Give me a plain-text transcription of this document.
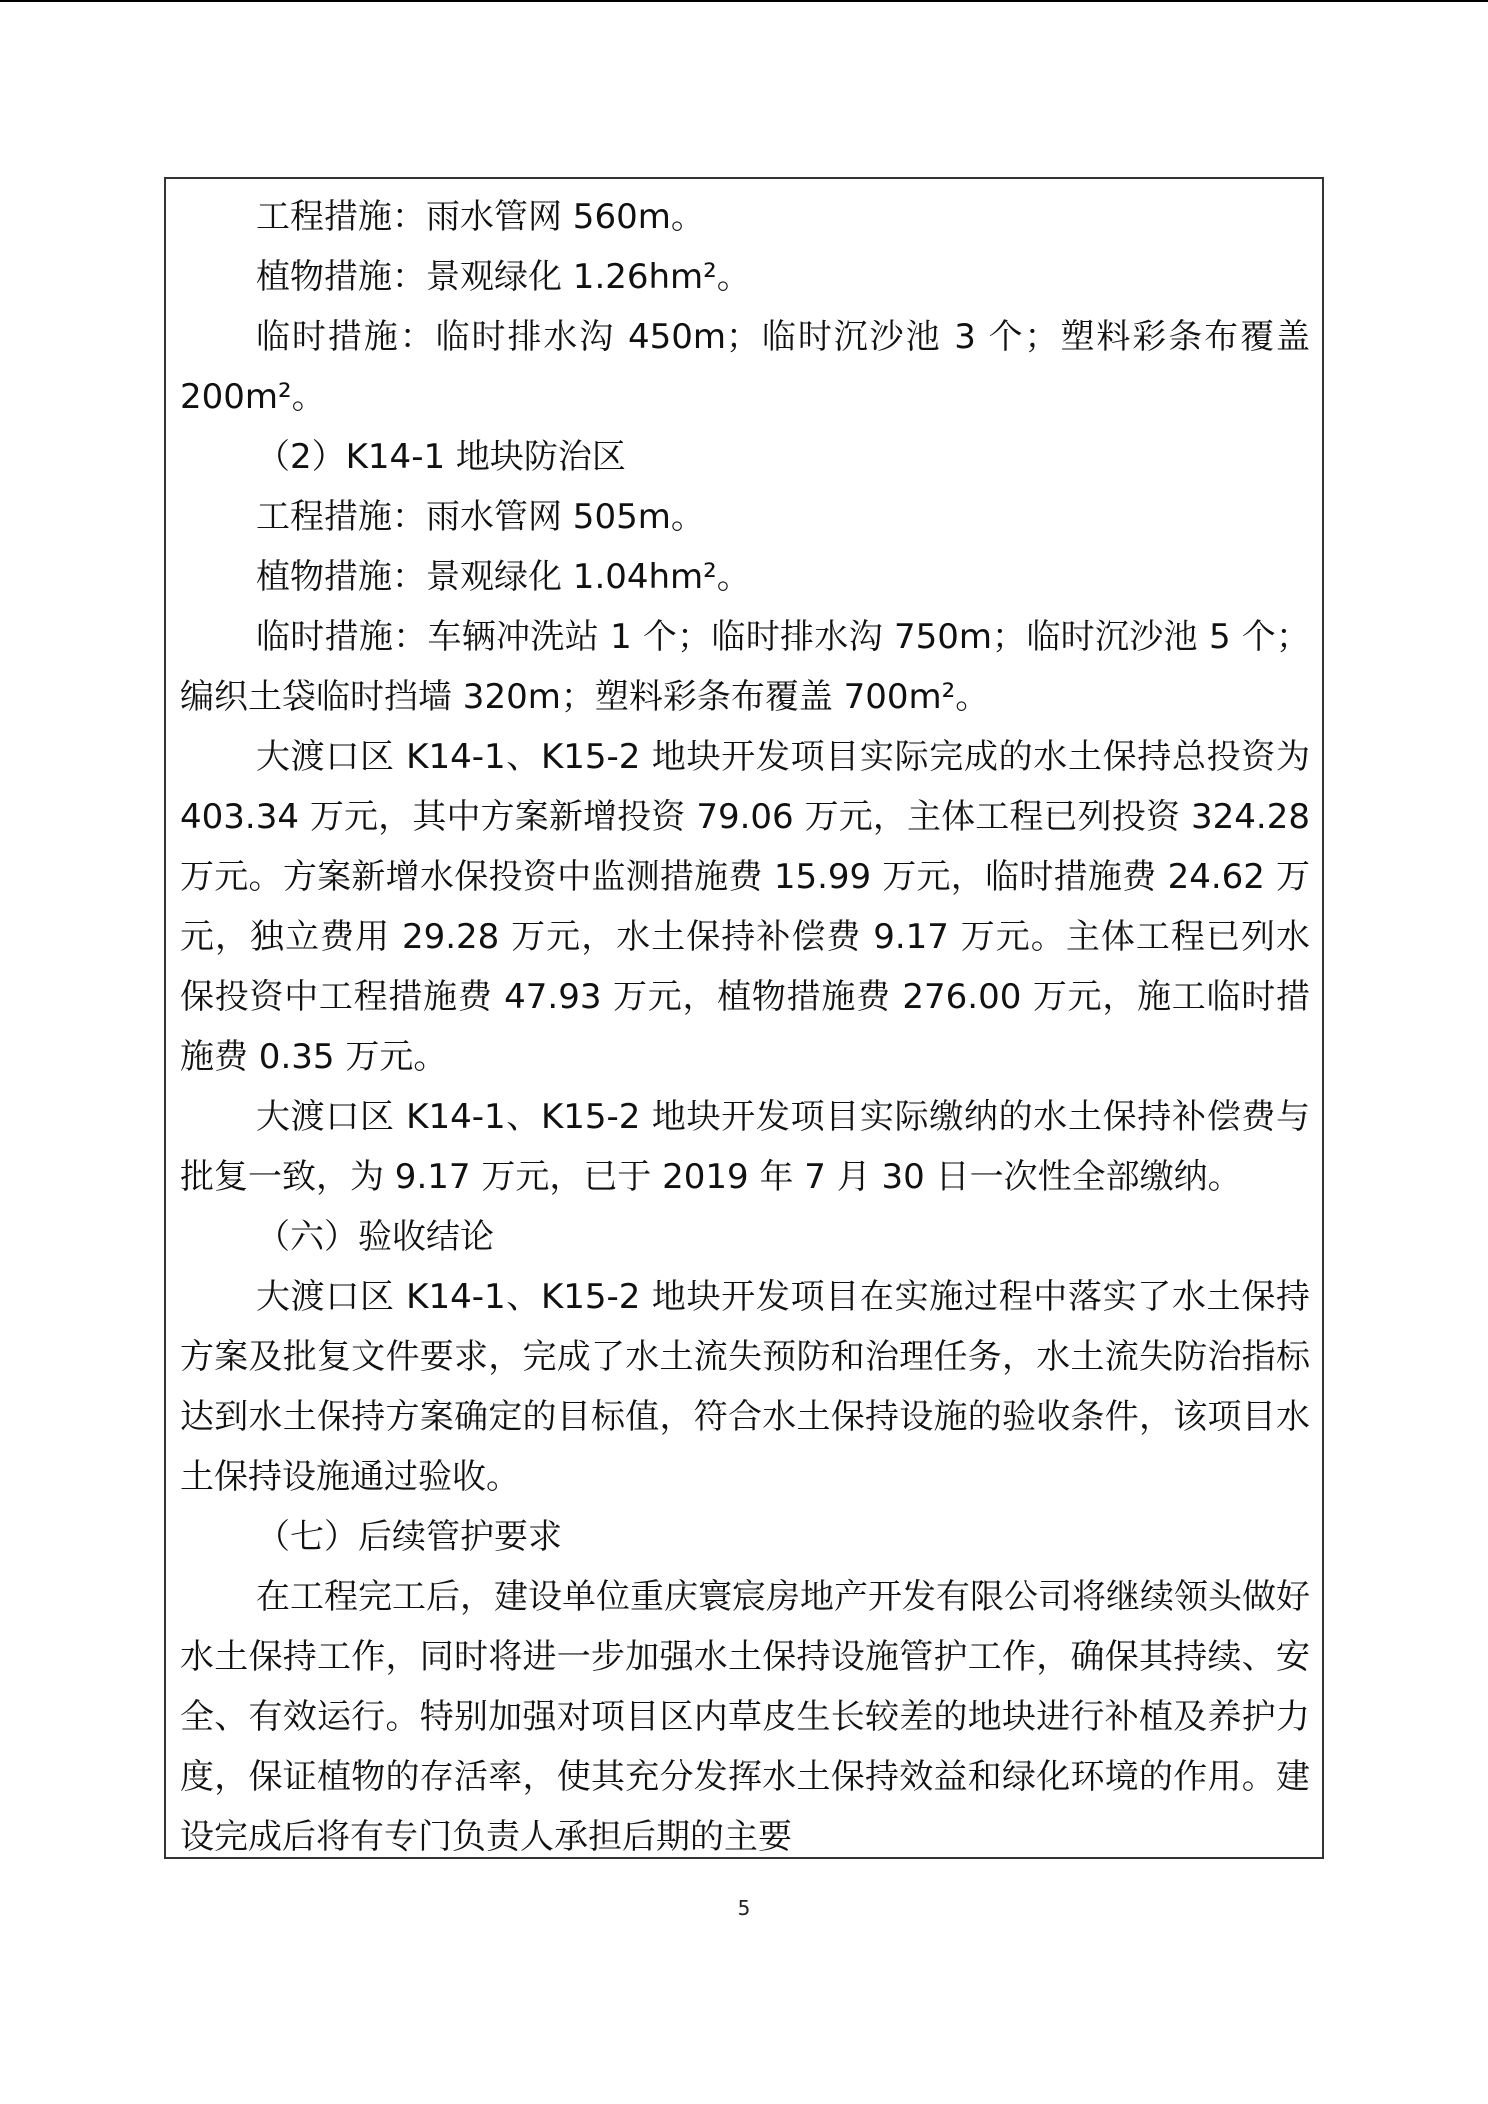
工程措施：雨水管网 560m。

植物措施：景观绿化 1.26hm²。

临时措施：临时排水沟 450m；临时沉沙池 3 个；塑料彩条布覆盖 200m²。

（2）K14-1 地块防治区

工程措施：雨水管网 505m。

植物措施：景观绿化 1.04hm²。

临时措施：车辆冲洗站 1 个；临时排水沟 750m；临时沉沙池 5 个；编织土袋临时挡墙 320m；塑料彩条布覆盖 700m²。

大渡口区 K14-1、K15-2 地块开发项目实际完成的水土保持总投资为 403.34 万元，其中方案新增投资 79.06 万元，主体工程已列投资 324.28 万元。方案新增水保投资中监测措施费 15.99 万元，临时措施费 24.62 万元，独立费用 29.28 万元，水土保持补偿费 9.17 万元。主体工程已列水保投资中工程措施费 47.93 万元，植物措施费 276.00 万元，施工临时措施费 0.35 万元。

大渡口区 K14-1、K15-2 地块开发项目实际缴纳的水土保持补偿费与批复一致，为 9.17 万元，已于 2019 年 7 月 30 日一次性全部缴纳。

（六）验收结论

大渡口区 K14-1、K15-2 地块开发项目在实施过程中落实了水土保持方案及批复文件要求，完成了水土流失预防和治理任务，水土流失防治指标达到水土保持方案确定的目标值，符合水土保持设施的验收条件，该项目水土保持设施通过验收。

（七）后续管护要求

在工程完工后，建设单位重庆寰宸房地产开发有限公司将继续领头做好水土保持工作，同时将进一步加强水土保持设施管护工作，确保其持续、安全、有效运行。特别加强对项目区内草皮生长较差的地块进行补植及养护力度，保证植物的存活率，使其充分发挥水土保持效益和绿化环境的作用。建设完成后将有专门负责人承担后期的主要

5
